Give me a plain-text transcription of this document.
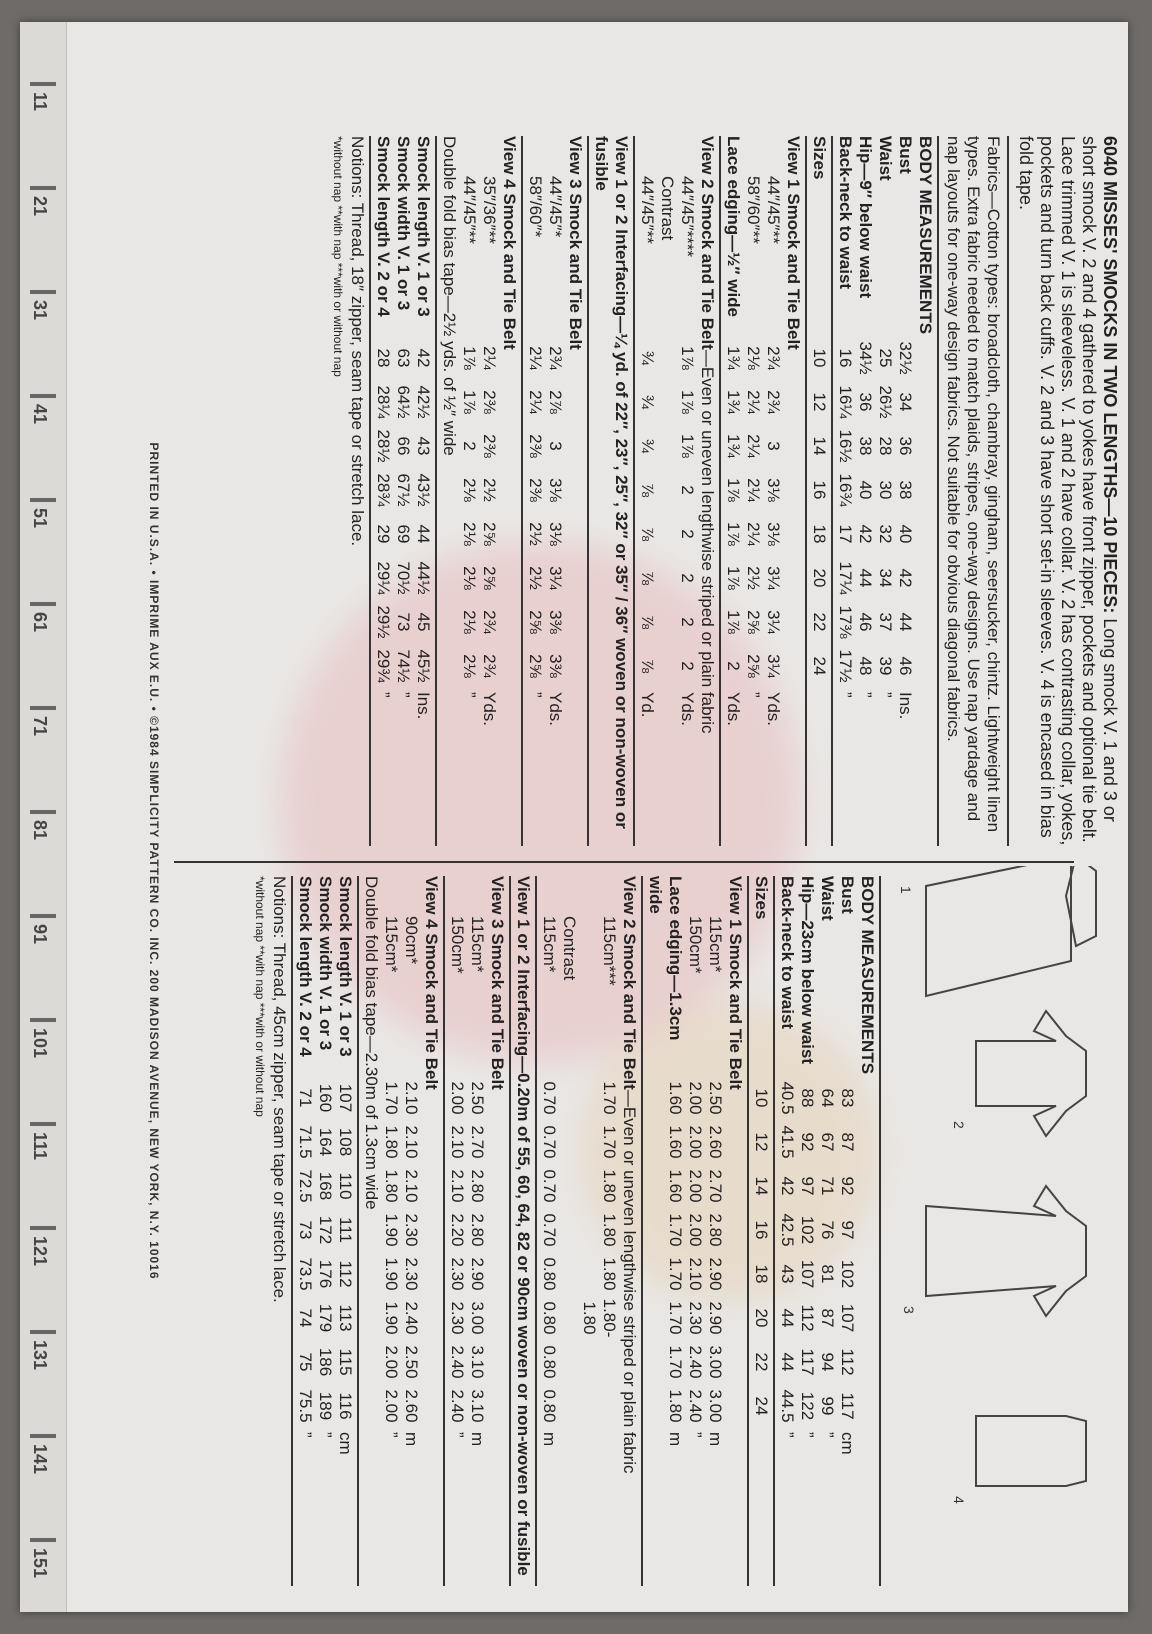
11
21
31
41
51
61
71
81
91
101
111
121
131
141
151

6040 MISSES' SMOCKS IN TWO LENGTHS—10 PIECES: Long smock V. 1 and 3 or short smock V. 2 and 4 gathered to yokes have front zipper, pockets and optional tie belt. Lace trimmed V. 1 is sleeveless. V. 1 and 2 have collar. V. 2 has contrasting collar, yokes, pockets and turn back cuffs. V. 2 and 3 have short set-in sleeves. V. 4 is encased in bias fold tape.

Fabrics—Cotton types: broadcloth, chambray, gingham, seersucker, chintz. Lightweight linen types. Extra fabric needed to match plaids, stripes, one-way designs. Use nap yardage and nap layouts for one-way design fabrics. Not suitable for obvious diagonal fabrics.
BODY MEASUREMENTS
Bust
32½
34
36
38
40
42
44
46
Ins.
Waist
25
26½
28
30
32
34
37
39
”
Hip—9″ below waist
34½
36
38
40
42
44
46
48
”
Back-neck to waist
16
16¼
16½
16¾
17
17¼
17⅜
17½
”
Sizes
10
12
14
16
18
20
22
24
View 1 Smock and Tie Belt
44″/45″**
2¾
2¾
3
3⅛
3⅛
3¼
3¼
3¼
Yds.
58″/60″**
2⅛
2¼
2¼
2¼
2¼
2½
2⅝
2⅝
”
Lace edging—½″ wide
1¾
1¾
1¾
1⅞
1⅞
1⅞
1⅞
2
Yds.
View 2 Smock and Tie Belt—Even or uneven lengthwise striped or plain fabric
44″/45″****
1⅞
1⅞
1⅞
2
2
2
2
2
Yds.
Contrast
44″/45″**
¾
¾
¾
⅞
⅞
⅞
⅞
⅞
Yd.
View 1 or 2 Interfacing—¼ yd. of 22″, 23″, 25″, 32″ or 35″ / 36″ woven or non-woven or fusible
View 3 Smock and Tie Belt
44″/45″*
2¾
2⅞
3
3⅛
3⅛
3¼
3⅜
3⅜
Yds.
58″/60″*
2¼
2¼
2⅜
2⅜
2½
2½
2⅝
2⅝
”
View 4 Smock and Tie Belt
35″/36″**
2¼
2⅜
2⅜
2½
2⅝
2⅝
2¾
2¾
Yds.
44″/45″**
1⅞
1⅞
2
2⅛
2⅛
2⅛
2⅛
2⅛
”
Double fold bias tape—2½ yds. of ½″ wide
Smock length V. 1 or 3
42
42½
43
43½
44
44½
45
45½
Ins.
Smock width V. 1 or 3
63
64½
66
67½
69
70½
73
74½
”
Smock length V. 2 or 4
28
28¼
28½
28¾
29
29¼
29½
29¾
”
Notions: Thread, 18″ zipper, seam tape or stretch lace.
*without nap **with nap ***with or without nap
1
2
3
4
BODY MEASUREMENTS
Bust
83
87
92
97
102
107
112
117
cm
Waist
64
67
71
76
81
87
94
99
”
Hip—23cm below waist
88
92
97
102
107
112
117
122
”
Back-neck to waist
40.5
41.5
42
42.5
43
44
44
44.5
”
Sizes
10
12
14
16
18
20
22
24
View 1 Smock and Tie Belt
115cm*
2.50
2.60
2.70
2.80
2.90
2.90
3.00
3.00
m
150cm*
2.00
2.00
2.00
2.00
2.10
2.30
2.40
2.40
”
Lace edging—1.3cm wide
1.60
1.60
1.60
1.70
1.70
1.70
1.70
1.80
m
View 2 Smock and Tie Belt—Even or uneven lengthwise striped or plain fabric
115cm***
1.70
1.70
1.80
1.80
1.80
1.80-1.80
Contrast
115cm*
0.70
0.70
0.70
0.70
0.80
0.80
0.80
0.80
m
View 1 or 2 Interfacing—0.20m of 55, 60, 64, 82 or 90cm woven or non-woven or fusible
View 3 Smock and Tie Belt
115cm*
2.50
2.70
2.80
2.80
2.90
3.00
3.10
3.10
m
150cm*
2.00
2.10
2.10
2.20
2.30
2.30
2.40
2.40
”
View 4 Smock and Tie Belt
90cm*
2.10
2.10
2.10
2.30
2.30
2.40
2.50
2.60
m
115cm*
1.70
1.80
1.80
1.90
1.90
1.90
2.00
2.00
”
Double fold bias tape—2.30m of 1.3cm wide
Smock length V. 1 or 3
107
108
110
111
112
113
115
116
cm
Smock width V. 1 or 3
160
164
168
172
176
179
186
189
”
Smock length V. 2 or 4
71
71.5
72.5
73
73.5
74
75
75.5
”
Notions: Thread, 45cm zipper, seam tape or stretch lace.
*without nap **with nap ***with or without nap
PRINTED IN U.S.A. • IMPRIME AUX E.U. • ©1984 SIMPLICITY PATTERN CO. INC. 200 MADISON AVENUE, NEW YORK, N.Y. 10016
